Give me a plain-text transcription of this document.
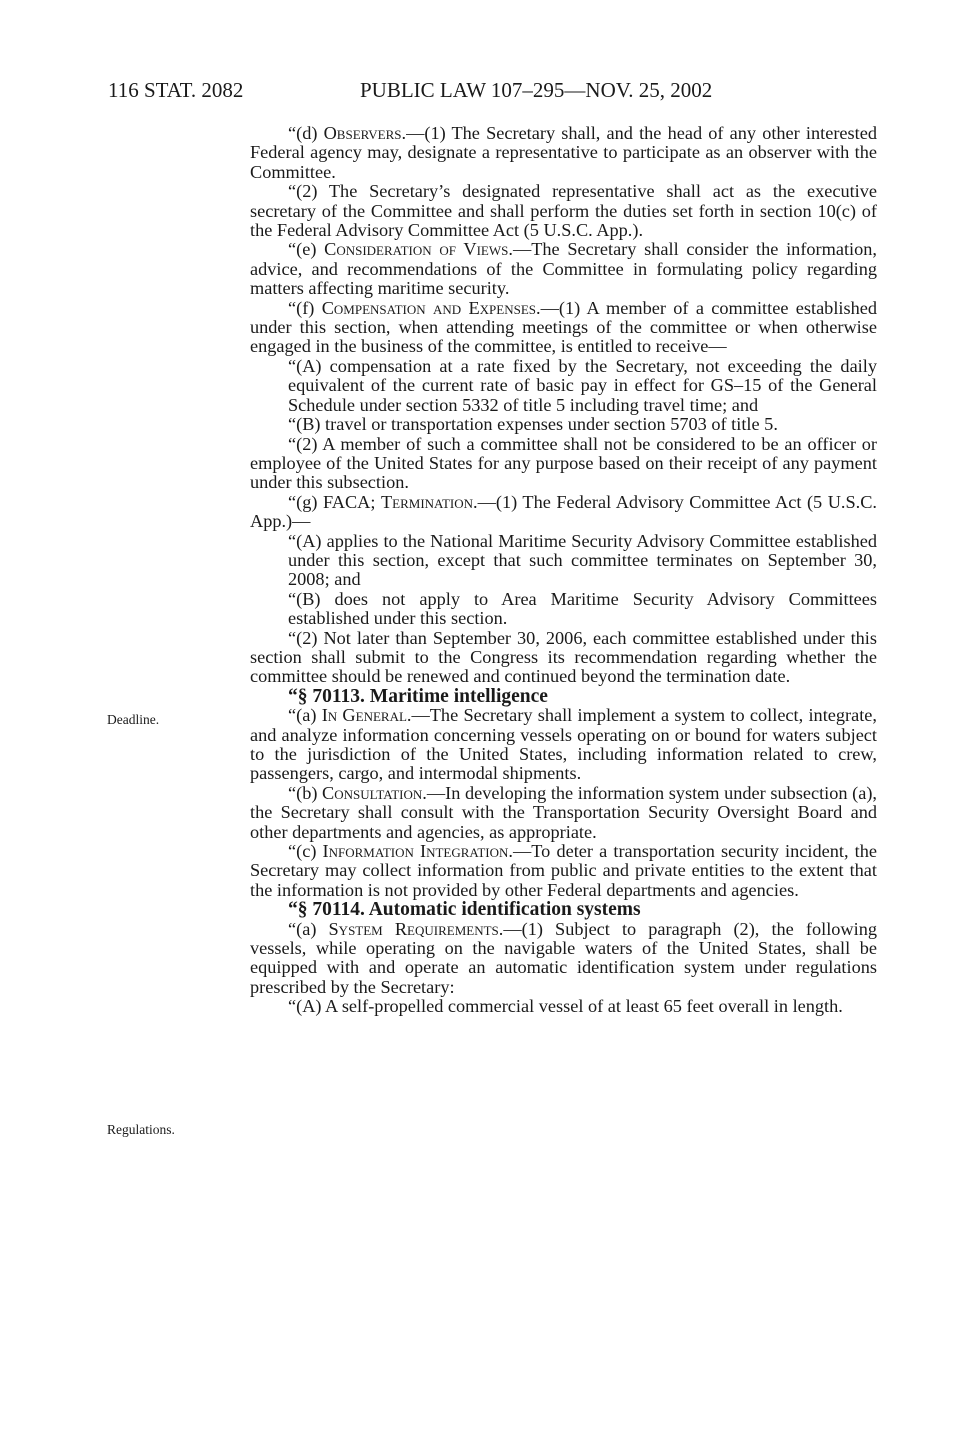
116 STAT. 2082	PUBLIC LAW 107–295—NOV. 25, 2002
Deadline.
Regulations.

“(d) Observers.—(1) The Secretary shall, and the head of any other interested Federal agency may, designate a representative to participate as an observer with the Committee.

“(2) The Secretary’s designated representative shall act as the executive secretary of the Committee and shall perform the duties set forth in section 10(c) of the Federal Advisory Committee Act (5 U.S.C. App.).

“(e) Consideration of Views.—The Secretary shall consider the information, advice, and recommendations of the Committee in formulating policy regarding matters affecting maritime security.

“(f) Compensation and Expenses.—(1) A member of a committee established under this section, when attending meetings of the committee or when otherwise engaged in the business of the committee, is entitled to receive—

“(A) compensation at a rate fixed by the Secretary, not exceeding the daily equivalent of the current rate of basic pay in effect for GS–15 of the General Schedule under section 5332 of title 5 including travel time; and

“(B) travel or transportation expenses under section 5703 of title 5.

“(2) A member of such a committee shall not be considered to be an officer or employee of the United States for any purpose based on their receipt of any payment under this subsection.

“(g) FACA; Termination.—(1) The Federal Advisory Committee Act (5 U.S.C. App.)—

“(A) applies to the National Maritime Security Advisory Committee established under this section, except that such committee terminates on September 30, 2008; and

“(B) does not apply to Area Maritime Security Advisory Committees established under this section.

“(2) Not later than September 30, 2006, each committee established under this section shall submit to the Congress its recommendation regarding whether the committee should be renewed and continued beyond the termination date.

“§ 70113. Maritime intelligence

“(a) In General.—The Secretary shall implement a system to collect, integrate, and analyze information concerning vessels operating on or bound for waters subject to the jurisdiction of the United States, including information related to crew, passengers, cargo, and intermodal shipments.

“(b) Consultation.—In developing the information system under subsection (a), the Secretary shall consult with the Transportation Security Oversight Board and other departments and agencies, as appropriate.

“(c) Information Integration.—To deter a transportation security incident, the Secretary may collect information from public and private entities to the extent that the information is not provided by other Federal departments and agencies.

“§ 70114. Automatic identification systems

“(a) System Requirements.—(1) Subject to paragraph (2), the following vessels, while operating on the navigable waters of the United States, shall be equipped with and operate an automatic identification system under regulations prescribed by the Secretary:

“(A) A self-propelled commercial vessel of at least 65 feet overall in length.
